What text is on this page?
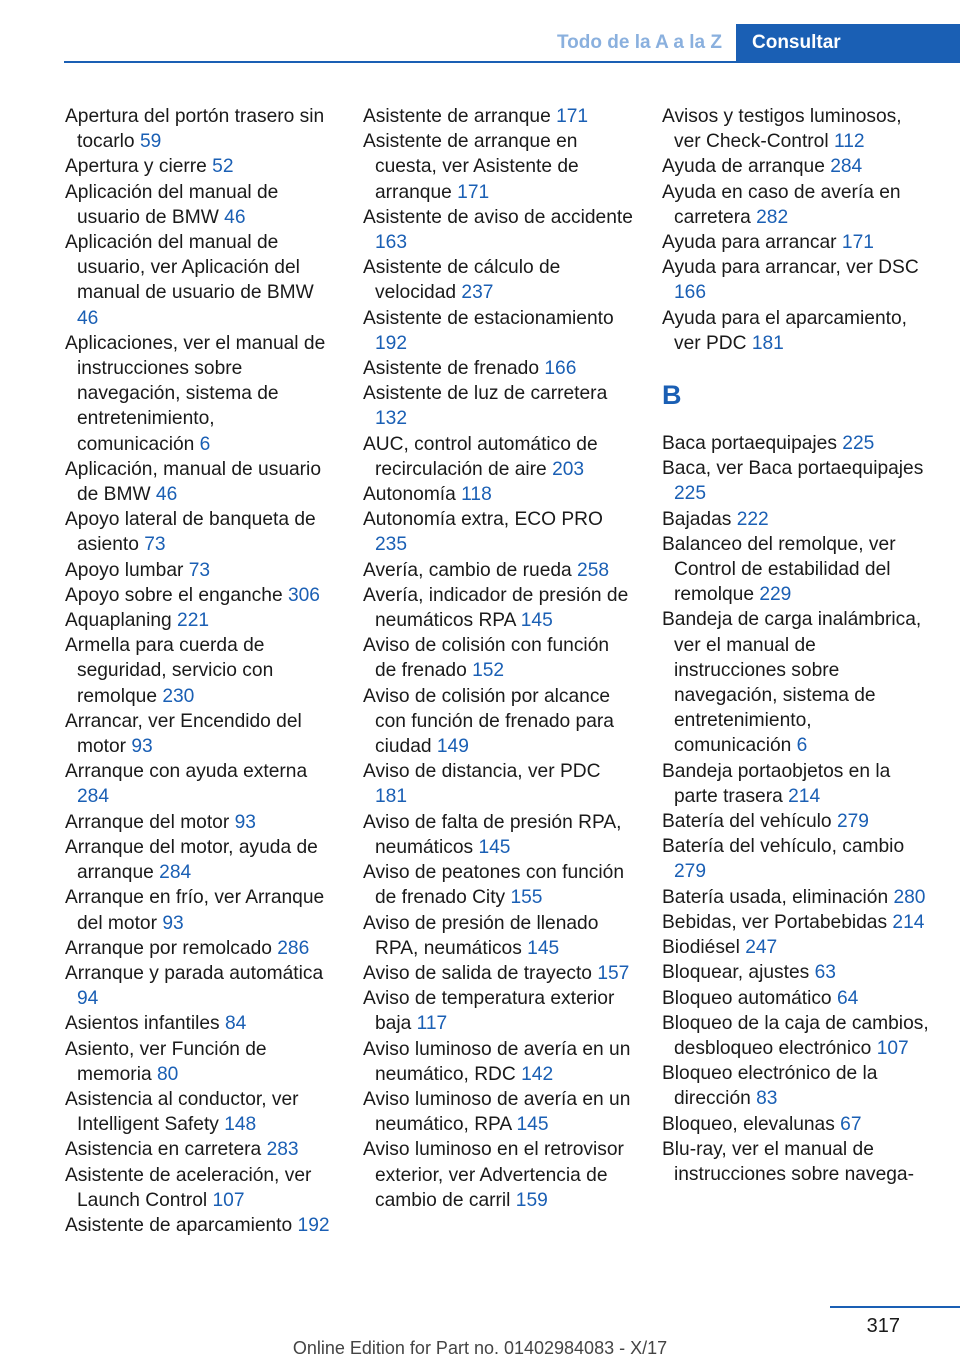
Todo de la A a la Z	Consultar
Apertura del portón trasero sin tocarlo 59
Apertura y cierre 52
Aplicación del manual de usuario de BMW 46
Aplicación del manual de usuario, ver Aplicación del manual de usuario de BMW 46
Aplicaciones, ver el manual de instrucciones sobre navegación, sistema de entretenimiento, comunicación 6
Aplicación, manual de usuario de BMW 46
Apoyo lateral de banqueta de asiento 73
Apoyo lumbar 73
Apoyo sobre el enganche 306
Aquaplaning 221
Armella para cuerda de seguridad, servicio con remolque 230
Arrancar, ver Encendido del motor 93
Arranque con ayuda externa 284
Arranque del motor 93
Arranque del motor, ayuda de arranque 284
Arranque en frío, ver Arranque del motor 93
Arranque por remolcado 286
Arranque y parada automática 94
Asientos infantiles 84
Asiento, ver Función de memoria 80
Asistencia al conductor, ver Intelligent Safety 148
Asistencia en carretera 283
Asistente de aceleración, ver Launch Control 107
Asistente de aparcamiento 192
Asistente de arranque 171
Asistente de arranque en cuesta, ver Asistente de arranque 171
Asistente de aviso de accidente 163
Asistente de cálculo de velocidad 237
Asistente de estacionamiento 192
Asistente de frenado 166
Asistente de luz de carretera 132
AUC, control automático de recirculación de aire 203
Autonomía 118
Autonomía extra, ECO PRO 235
Avería, cambio de rueda 258
Avería, indicador de presión de neumáticos RPA 145
Aviso de colisión con función de frenado 152
Aviso de colisión por alcance con función de frenado para ciudad 149
Aviso de distancia, ver PDC 181
Aviso de falta de presión RPA, neumáticos 145
Aviso de peatones con función de frenado City 155
Aviso de presión de llenado RPA, neumáticos 145
Aviso de salida de trayecto 157
Aviso de temperatura exterior baja 117
Aviso luminoso de avería en un neumático, RDC 142
Aviso luminoso de avería en un neumático, RPA 145
Aviso luminoso en el retrovisor exterior, ver Advertencia de cambio de carril 159
Avisos y testigos luminosos, ver Check-Control 112
Ayuda de arranque 284
Ayuda en caso de avería en carretera 282
Ayuda para arrancar 171
Ayuda para arrancar, ver DSC 166
Ayuda para el aparcamiento, ver PDC 181
B
Baca portaequipajes 225
Baca, ver Baca portaequipajes 225
Bajadas 222
Balanceo del remolque, ver Control de estabilidad del remolque 229
Bandeja de carga inalámbrica, ver el manual de instrucciones sobre navegación, sistema de entretenimiento, comunicación 6
Bandeja portaobjetos en la parte trasera 214
Batería del vehículo 279
Batería del vehículo, cambio 279
Batería usada, eliminación 280
Bebidas, ver Portabebidas 214
Biodiésel 247
Bloquear, ajustes 63
Bloqueo automático 64
Bloqueo de la caja de cambios, desbloqueo electrónico 107
Bloqueo electrónico de la dirección 83
Bloqueo, elevalunas 67
Blu-ray, ver el manual de instrucciones sobre navega-
317
Online Edition for Part no. 01402984083 - X/17
